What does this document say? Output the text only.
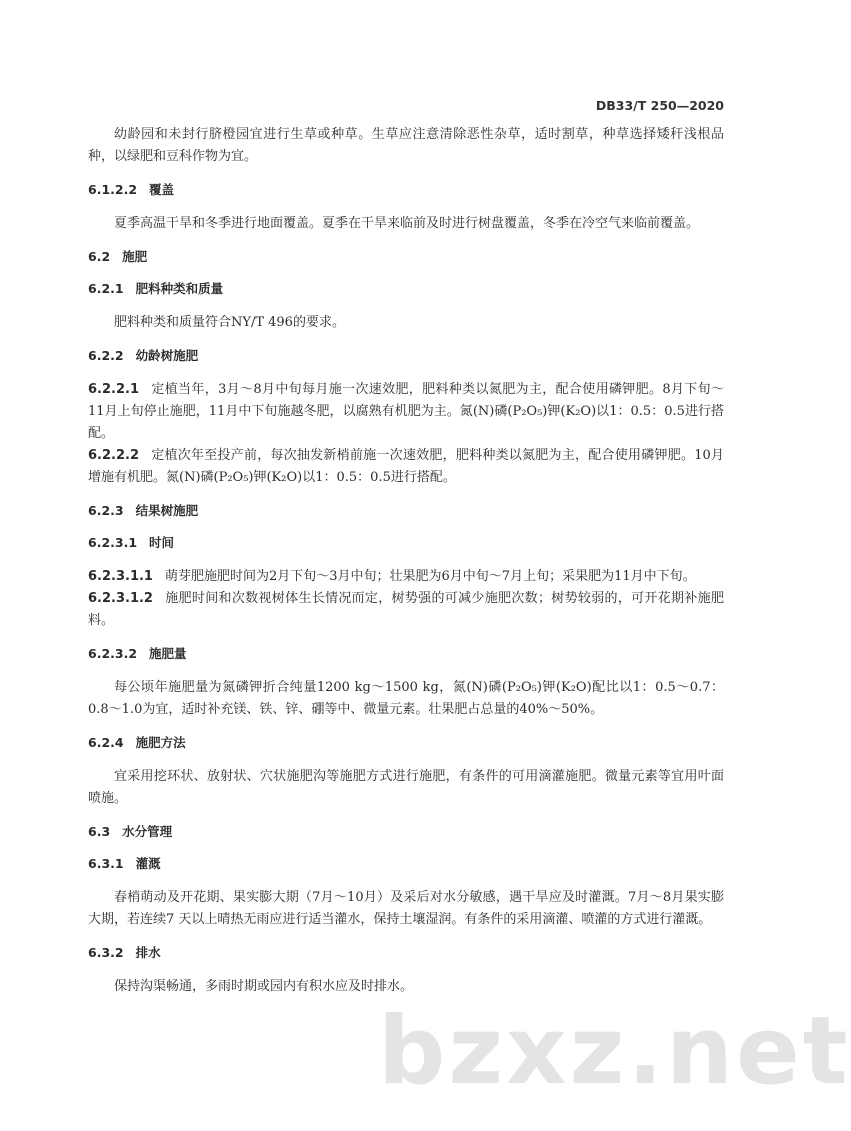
DB33/T 250—2020

幼龄园和未封行脐橙园宜进行生草或种草。生草应注意清除恶性杂草，适时割草，种草选择矮秆浅根品种，以绿肥和豆科作物为宜。

6.1.2.2 覆盖

夏季高温干旱和冬季进行地面覆盖。夏季在干旱来临前及时进行树盘覆盖，冬季在冷空气来临前覆盖。

6.2 施肥
6.2.1 肥料种类和质量

肥料种类和质量符合NY/T 496的要求。

6.2.2 幼龄树施肥

6.2.2.1 定植当年，3月～8月中旬每月施一次速效肥，肥料种类以氮肥为主，配合使用磷钾肥。8月下旬～11月上旬停止施肥，11月中下旬施越冬肥，以腐熟有机肥为主。氮(N)磷(P₂O₅)钾(K₂O)以1：0.5：0.5进行搭配。

6.2.2.2 定植次年至投产前，每次抽发新梢前施一次速效肥，肥料种类以氮肥为主，配合使用磷钾肥。10月增施有机肥。氮(N)磷(P₂O₅)钾(K₂O)以1：0.5：0.5进行搭配。

6.2.3 结果树施肥
6.2.3.1 时间

6.2.3.1.1 萌芽肥施肥时间为2月下旬～3月中旬；壮果肥为6月中旬～7月上旬；采果肥为11月中下旬。

6.2.3.1.2 施肥时间和次数视树体生长情况而定，树势强的可减少施肥次数；树势较弱的，可开花期补施肥料。

6.2.3.2 施肥量

每公顷年施肥量为氮磷钾折合纯量1200 kg～1500 kg，氮(N)磷(P₂O₅)钾(K₂O)配比以1：0.5～0.7：0.8～1.0为宜，适时补充镁、铁、锌、硼等中、微量元素。壮果肥占总量的40%～50%。

6.2.4 施肥方法

宜采用挖环状、放射状、穴状施肥沟等施肥方式进行施肥，有条件的可用滴灌施肥。微量元素等宜用叶面喷施。

6.3 水分管理
6.3.1 灌溉

春梢萌动及开花期、果实膨大期（7月～10月）及采后对水分敏感，遇干旱应及时灌溉。7月～8月果实膨大期，若连续7 天以上晴热无雨应进行适当灌水，保持土壤湿润。有条件的采用滴灌、喷灌的方式进行灌溉。

6.3.2 排水

保持沟渠畅通，多雨时期或园内有积水应及时排水。

bzxz.net
